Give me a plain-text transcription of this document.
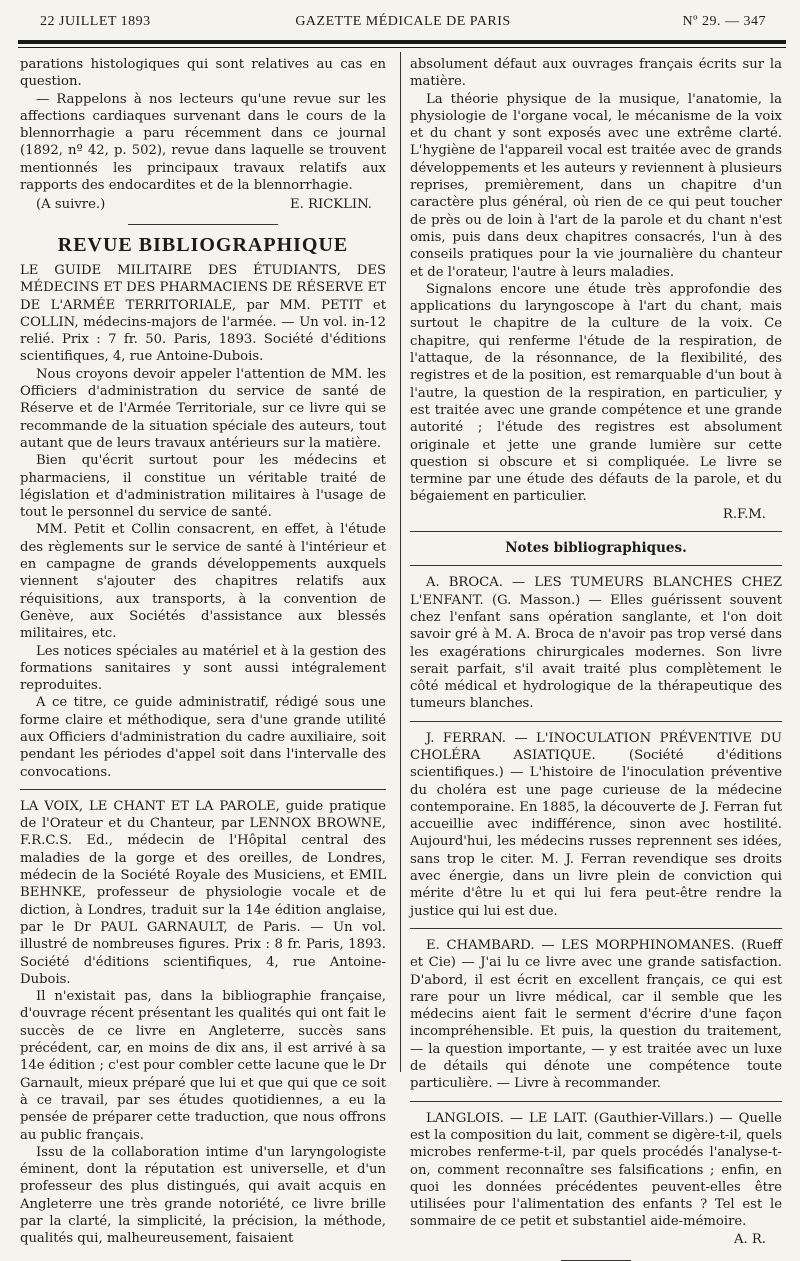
22 JUILLET 1893	GAZETTE MÉDICALE DE PARIS	Nº 29. — 347

parations histologiques qui sont relatives au cas en question.

— Rappelons à nos lecteurs qu'une revue sur les affections cardiaques survenant dans le cours de la blennorrhagie a paru récemment dans ce journal (1892, nº 42, p. 502), revue dans laquelle se trouvent mentionnés les principaux travaux relatifs aux rapports des endocardites et de la blennorrhagie.

(A suivre.)	E. RICKLIN.
REVUE BIBLIOGRAPHIQUE

LE GUIDE MILITAIRE DES ÉTUDIANTS, DES MÉDECINS ET DES PHARMACIENS DE RÉSERVE ET DE L'ARMÉE TERRITORIALE, par MM. PETIT et COLLIN, médecins-majors de l'armée. — Un vol. in-12 relié. Prix : 7 fr. 50. Paris, 1893. Société d'éditions scientifiques, 4, rue Antoine-Dubois.

Nous croyons devoir appeler l'attention de MM. les Officiers d'administration du service de santé de Réserve et de l'Armée Territoriale, sur ce livre qui se recommande de la situation spéciale des auteurs, tout autant que de leurs travaux antérieurs sur la matière.

Bien qu'écrit surtout pour les médecins et pharmaciens, il constitue un véritable traité de législation et d'administration militaires à l'usage de tout le personnel du service de santé.

MM. Petit et Collin consacrent, en effet, à l'étude des règlements sur le service de santé à l'intérieur et en campagne de grands développements auxquels viennent s'ajouter des chapitres relatifs aux réquisitions, aux transports, à la convention de Genève, aux Sociétés d'assistance aux blessés militaires, etc.

Les notices spéciales au matériel et à la gestion des formations sanitaires y sont aussi intégralement reproduites.

A ce titre, ce guide administratif, rédigé sous une forme claire et méthodique, sera d'une grande utilité aux Officiers d'administration du cadre auxiliaire, soit pendant les périodes d'appel soit dans l'intervalle des convocations.

LA VOIX, LE CHANT ET LA PAROLE, guide pratique de l'Orateur et du Chanteur, par LENNOX BROWNE, F.R.C.S. Ed., médecin de l'Hôpital central des maladies de la gorge et des oreilles, de Londres, médecin de la Société Royale des Musiciens, et EMIL BEHNKE, professeur de physiologie vocale et de diction, à Londres, traduit sur la 14e édition anglaise, par le Dr PAUL GARNAULT, de Paris. — Un vol. illustré de nombreuses figures. Prix : 8 fr. Paris, 1893. Société d'éditions scientifiques, 4, rue Antoine-Dubois.

Il n'existait pas, dans la bibliographie française, d'ouvrage récent présentant les qualités qui ont fait le succès de ce livre en Angleterre, succès sans précédent, car, en moins de dix ans, il est arrivé à sa 14e édition ; c'est pour combler cette lacune que le Dr Garnault, mieux préparé que lui et que qui que ce soit à ce travail, par ses études quotidiennes, a eu la pensée de préparer cette traduction, que nous offrons au public français.

Issu de la collaboration intime d'un laryngologiste éminent, dont la réputation est universelle, et d'un professeur des plus distingués, qui avait acquis en Angleterre une très grande notoriété, ce livre brille par la clarté, la simplicité, la précision, la méthode, qualités qui, malheureusement, faisaient

absolument défaut aux ouvrages français écrits sur la matière.

La théorie physique de la musique, l'anatomie, la physiologie de l'organe vocal, le mécanisme de la voix et du chant y sont exposés avec une extrême clarté. L'hygiène de l'appareil vocal est traitée avec de grands développements et les auteurs y reviennent à plusieurs reprises, premièrement, dans un chapitre d'un caractère plus général, où rien de ce qui peut toucher de près ou de loin à l'art de la parole et du chant n'est omis, puis dans deux chapitres consacrés, l'un à des conseils pratiques pour la vie journalière du chanteur et de l'orateur, l'autre à leurs maladies.

Signalons encore une étude très approfondie des applications du laryngoscope à l'art du chant, mais surtout le chapitre de la culture de la voix. Ce chapitre, qui renferme l'étude de la respiration, de l'attaque, de la résonnance, de la flexibilité, des registres et de la position, est remarquable d'un bout à l'autre, la question de la respiration, en particulier, y est traitée avec une grande compétence et une grande autorité ; l'étude des registres est absolument originale et jette une grande lumière sur cette question si obscure et si compliquée. Le livre se termine par une étude des défauts de la parole, et du bégaiement en particulier.

R.F.M.

Notes bibliographiques.

A. BROCA. — LES TUMEURS BLANCHES CHEZ L'ENFANT. (G. Masson.) — Elles guérissent souvent chez l'enfant sans opération sanglante, et l'on doit savoir gré à M. A. Broca de n'avoir pas trop versé dans les exagérations chirurgicales modernes. Son livre serait parfait, s'il avait traité plus complètement le côté médical et hydrologique de la thérapeutique des tumeurs blanches.

J. FERRAN. — L'INOCULATION PRÉVENTIVE DU CHOLÉRA ASIATIQUE. (Société d'éditions scientifiques.) — L'histoire de l'inoculation préventive du choléra est une page curieuse de la médecine contemporaine. En 1885, la découverte de J. Ferran fut accueillie avec indifférence, sinon avec hostilité. Aujourd'hui, les médecins russes reprennent ses idées, sans trop le citer. M. J. Ferran revendique ses droits avec énergie, dans un livre plein de conviction qui mérite d'être lu et qui lui fera peut-être rendre la justice qui lui est due.

E. CHAMBARD. — LES MORPHINOMANES. (Rueff et Cie) — J'ai lu ce livre avec une grande satisfaction. D'abord, il est écrit en excellent français, ce qui est rare pour un livre médical, car il semble que les médecins aient fait le serment d'écrire d'une façon incompréhensible. Et puis, la question du traitement, — la question importante, — y est traitée avec un luxe de détails qui dénote une compétence toute particulière. — Livre à recommander.

LANGLOIS. — LE LAIT. (Gauthier-Villars.) — Quelle est la composition du lait, comment se digère-t-il, quels microbes renferme-t-il, par quels procédés l'analyse-t-on, comment reconnaître ses falsifications ; enfin, en quoi les données précédentes peuvent-elles être utilisées pour l'alimentation des enfants ? Tel est le sommaire de ce petit et substantiel aide-mémoire.

A. R.
